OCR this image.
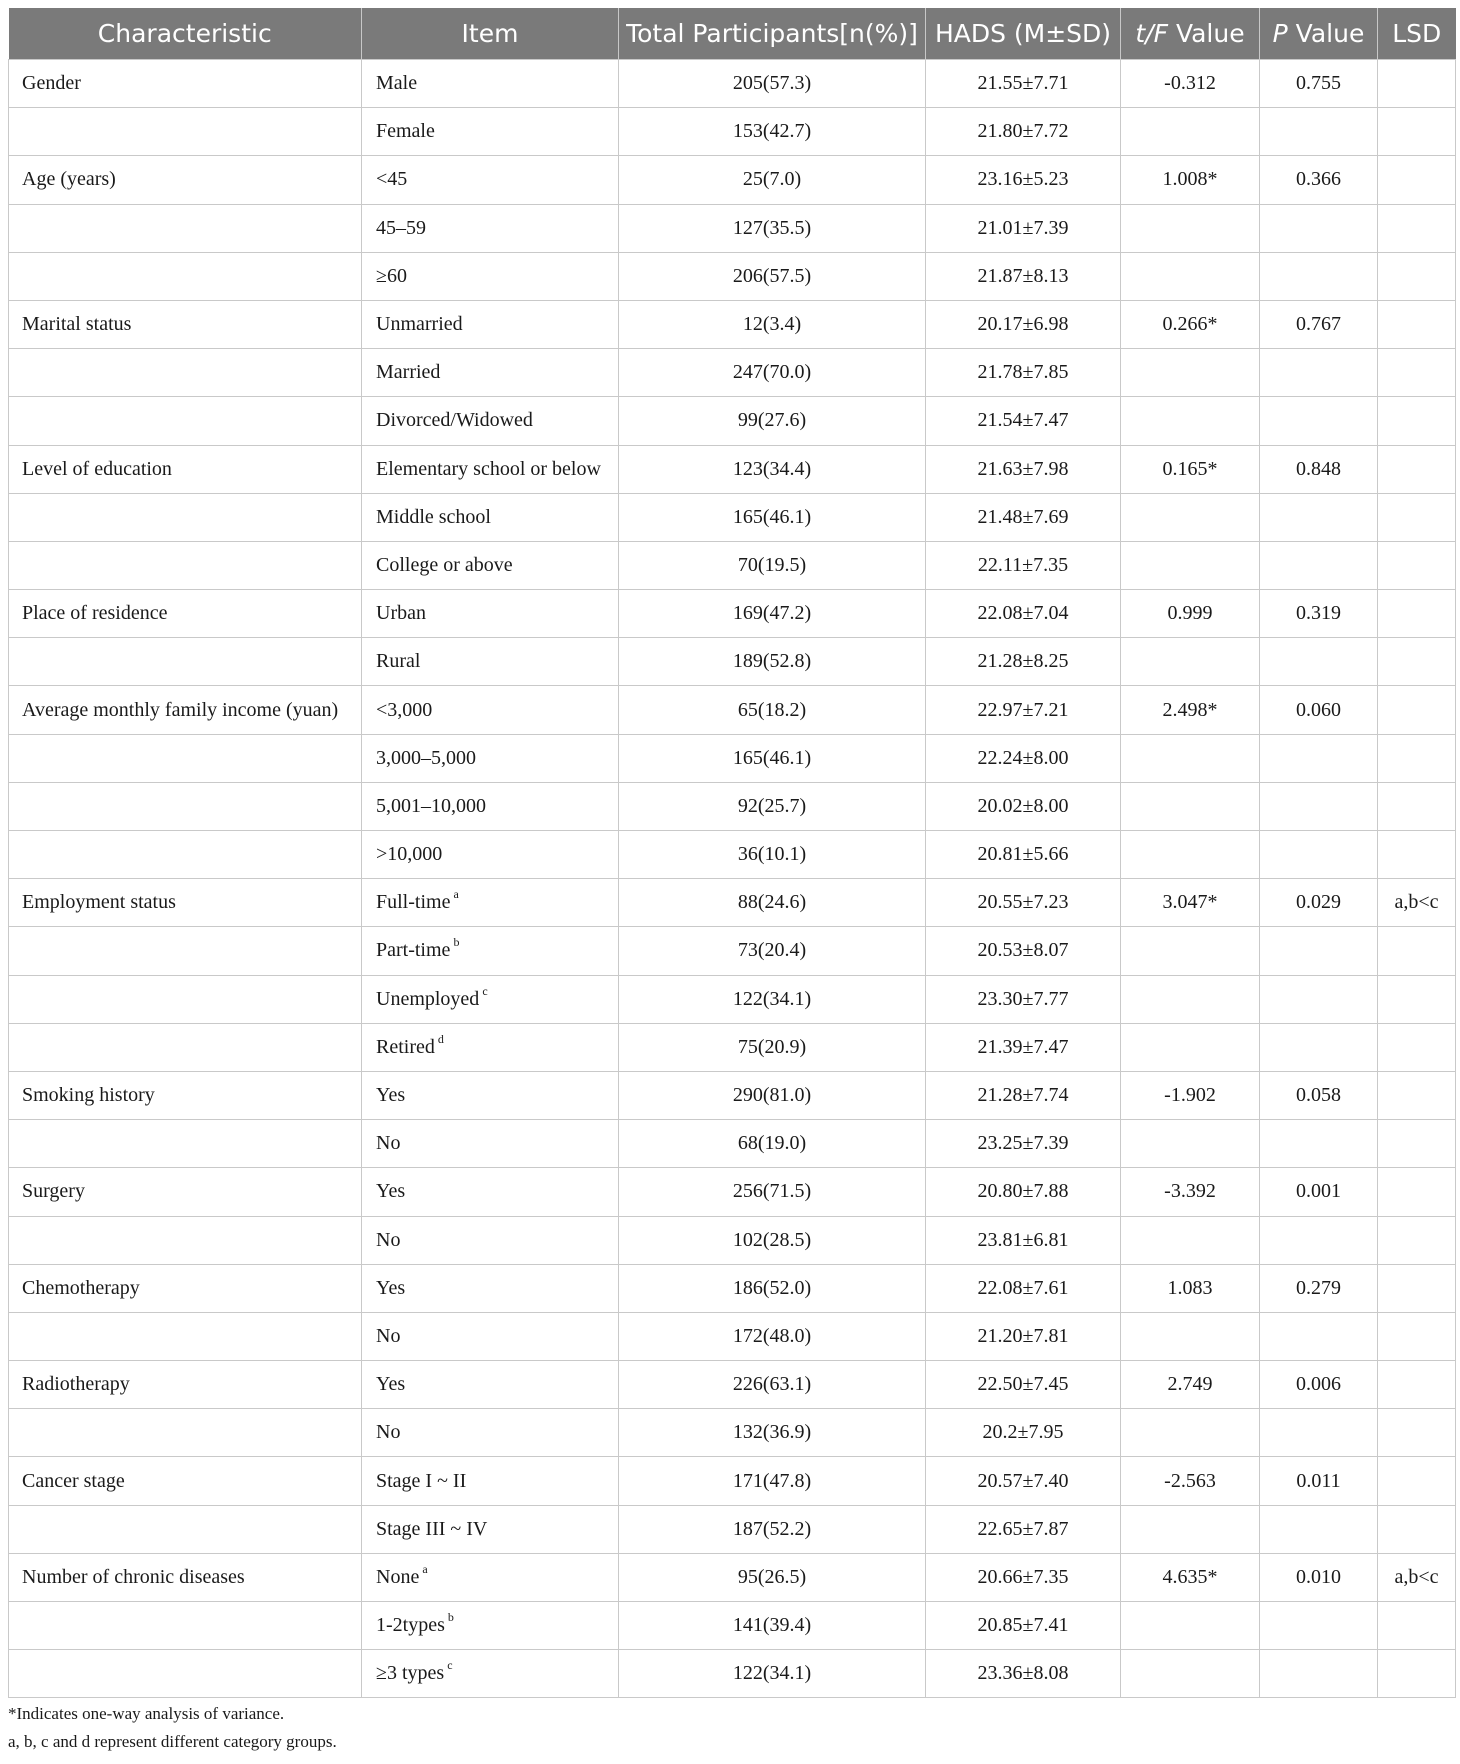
Characteristic	Item	Total Participants[n(%)]	HADS (M±SD)	t/F Value	P Value	LSD
Gender	Male	205(57.3)	21.55±7.71	-0.312	0.755	
	Female	153(42.7)	21.80±7.72			
Age (years)	<45	25(7.0)	23.16±5.23	1.008*	0.366	
	45–59	127(35.5)	21.01±7.39			
	≥60	206(57.5)	21.87±8.13			
Marital status	Unmarried	12(3.4)	20.17±6.98	0.266*	0.767	
	Married	247(70.0)	21.78±7.85			
	Divorced/Widowed	99(27.6)	21.54±7.47			
Level of education	Elementary school or below	123(34.4)	21.63±7.98	0.165*	0.848	
	Middle school	165(46.1)	21.48±7.69			
	College or above	70(19.5)	22.11±7.35			
Place of residence	Urban	169(47.2)	22.08±7.04	0.999	0.319	
	Rural	189(52.8)	21.28±8.25			
Average monthly family income (yuan)	<3,000	65(18.2)	22.97±7.21	2.498*	0.060	
	3,000–5,000	165(46.1)	22.24±8.00			
	5,001–10,000	92(25.7)	20.02±8.00			
	>10,000	36(10.1)	20.81±5.66			
Employment status	Full-time $^a$	88(24.6)	20.55±7.23	3.047*	0.029	a,b<c
	Part-time $^b$	73(20.4)	20.53±8.07			
	Unemployed $^c$	122(34.1)	23.30±7.77			
	Retired $^d$	75(20.9)	21.39±7.47			
Smoking history	Yes	290(81.0)	21.28±7.74	-1.902	0.058	
	No	68(19.0)	23.25±7.39			
Surgery	Yes	256(71.5)	20.80±7.88	-3.392	0.001	
	No	102(28.5)	23.81±6.81			
Chemotherapy	Yes	186(52.0)	22.08±7.61	1.083	0.279	
	No	172(48.0)	21.20±7.81			
Radiotherapy	Yes	226(63.1)	22.50±7.45	2.749	0.006	
	No	132(36.9)	20.2±7.95			
Cancer stage	Stage I ~ II	171(47.8)	20.57±7.40	-2.563	0.011	
	Stage III ~ IV	187(52.2)	22.65±7.87			
Number of chronic diseases	None $^a$	95(26.5)	20.66±7.35	4.635*	0.010	a,b<c
	1-2types $^b$	141(39.4)	20.85±7.41			
	≥3 types $^c$	122(34.1)	23.36±8.08			
*Indicates one-way analysis of variance.
a, b, c and d represent different category groups.
